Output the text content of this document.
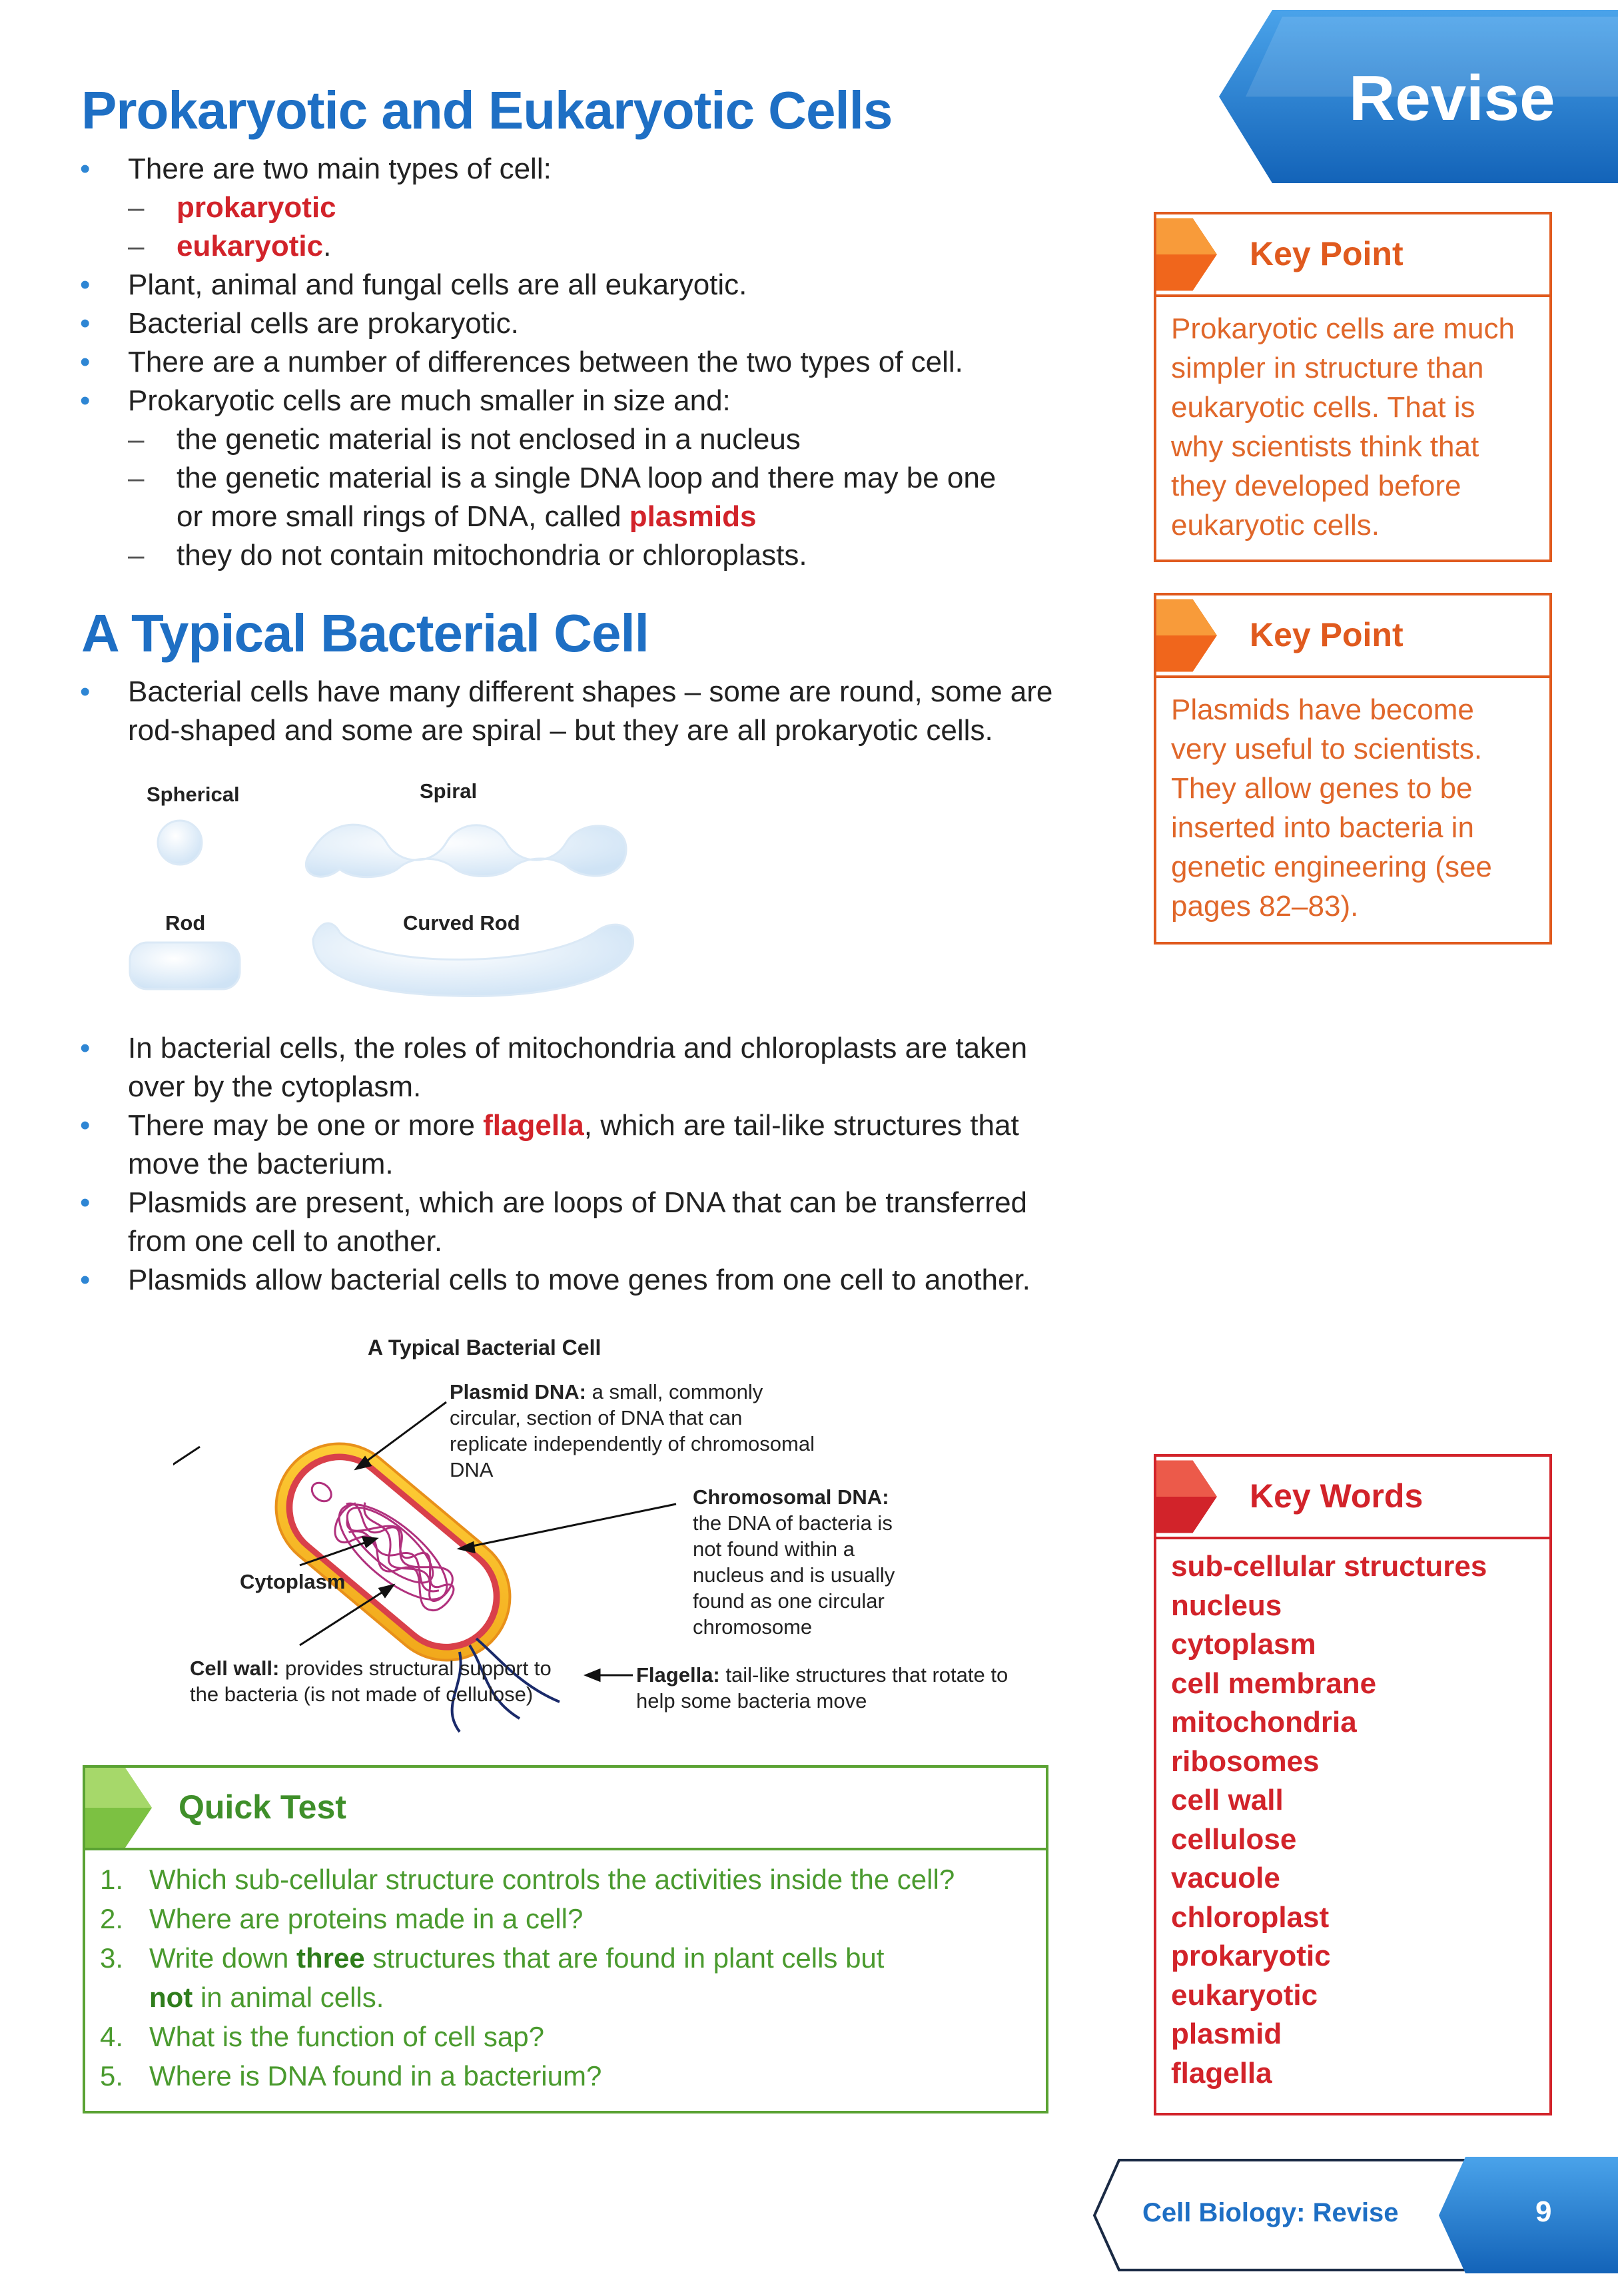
Revise
Prokaryotic and Eukaryotic Cells
• There are two main types of cell:
– prokaryotic
– eukaryotic.
• Plant, animal and fungal cells are all eukaryotic.
• Bacterial cells are prokaryotic.
• There are a number of differences between the two types of cell.
• Prokaryotic cells are much smaller in size and:
– the genetic material is not enclosed in a nucleus
– the genetic material is a single DNA loop and there may be one
or more small rings of DNA, called plasmids
– they do not contain mitochondria or chloroplasts.
A Typical Bacterial Cell
• Bacterial cells have many different shapes – some are round, some are rod-shaped and some are spiral – but they are all prokaryotic cells.
Spherical	Spiral
Rod	Curved Rod
• In bacterial cells, the roles of mitochondria and chloroplasts are taken over by the cytoplasm.
• There may be one or more flagella, which are tail-like structures that move the bacterium.
• Plasmids are present, which are loops of DNA that can be transferred from one cell to another.
• Plasmids allow bacterial cells to move genes from one cell to another.
A Typical Bacterial Cell
Plasmid DNA: a small, commonly circular, section of DNA that can replicate independently of chromosomal DNA
Chromosomal DNA: the DNA of bacteria is not found within a nucleus and is usually found as one circular chromosome
Cytoplasm
Cell wall: provides structural support to the bacteria (is not made of cellulose)
Flagella: tail-like structures that rotate to help some bacteria move
Quick Test
1. Which sub-cellular structure controls the activities inside the cell?
2. Where are proteins made in a cell?
3. Write down three structures that are found in plant cells but
not in animal cells.
4. What is the function of cell sap?
5. Where is DNA found in a bacterium?
Key Point
Prokaryotic cells are much simpler in structure than eukaryotic cells. That is why scientists think that they developed before eukaryotic cells.
Key Point
Plasmids have become very useful to scientists. They allow genes to be inserted into bacteria in genetic engineering (see pages 82–83).
Key Words
sub-cellular structures
nucleus
cytoplasm
cell membrane
mitochondria
ribosomes
cell wall
cellulose
vacuole
chloroplast
prokaryotic
eukaryotic
plasmid
flagella
Cell Biology: Revise	9
